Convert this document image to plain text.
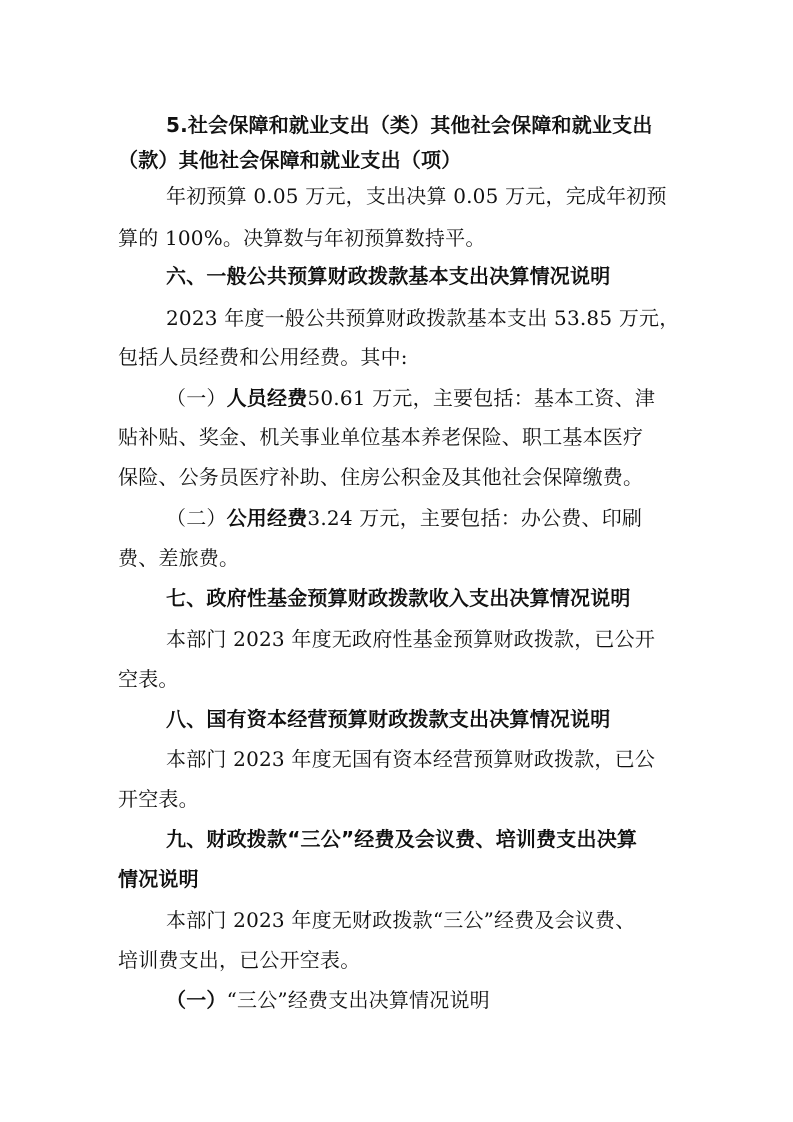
5.社会保障和就业支出（类）其他社会保障和就业支出
（款）其他社会保障和就业支出（项）
年初预算 0.05 万元，支出决算 0.05 万元，完成年初预
算的 100%。决算数与年初预算数持平。
六、一般公共预算财政拨款基本支出决算情况说明
2023 年度一般公共预算财政拨款基本支出 53.85 万元，
包括人员经费和公用经费。其中:
（一）人员经费50.61 万元，主要包括：基本工资、津
贴补贴、奖金、机关事业单位基本养老保险、职工基本医疗
保险、公务员医疗补助、住房公积金及其他社会保障缴费。
（二）公用经费3.24 万元，主要包括：办公费、印刷
费、差旅费。
七、政府性基金预算财政拨款收入支出决算情况说明
本部门 2023 年度无政府性基金预算财政拨款，已公开
空表。
八、国有资本经营预算财政拨款支出决算情况说明
本部门 2023 年度无国有资本经营预算财政拨款，已公
开空表。
九、财政拨款“三公”经费及会议费、培训费支出决算
情况说明
本部门 2023 年度无财政拨款“三公”经费及会议费、
培训费支出，已公开空表。
（一）“三公”经费支出决算情况说明
